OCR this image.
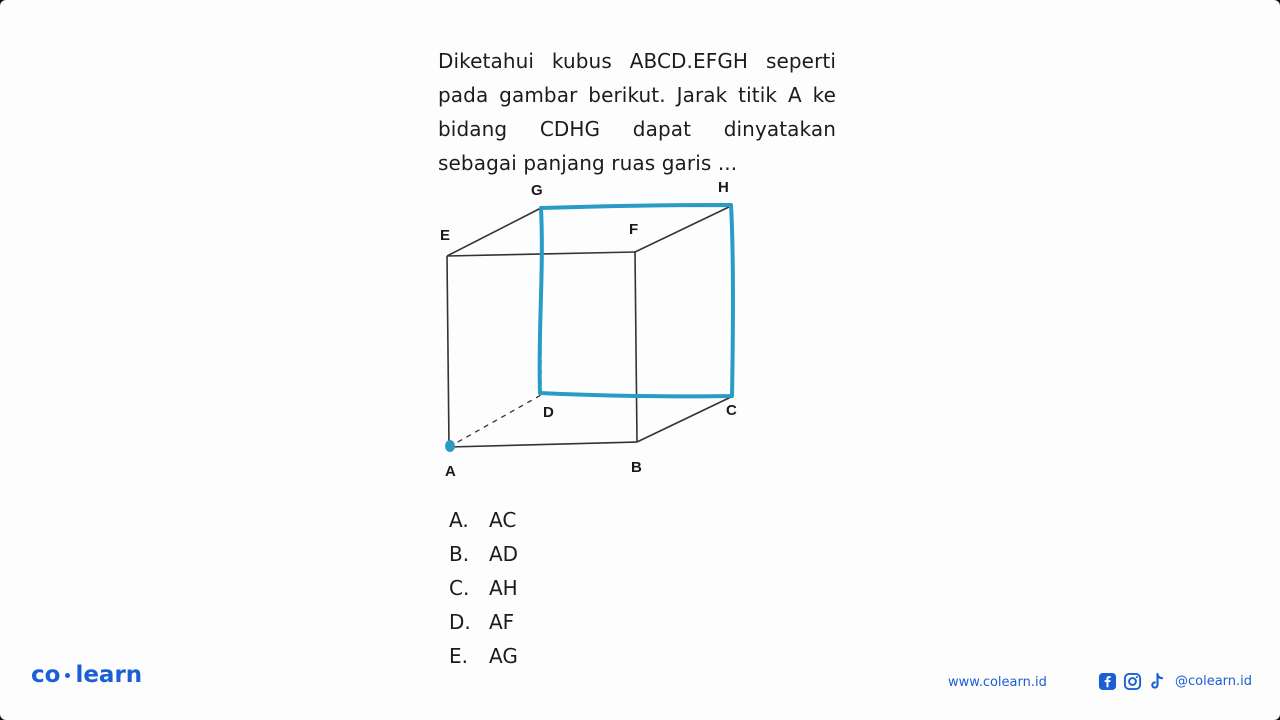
Diketahui kubus ABCD.EFGH seperti pada gambar berikut. Jarak titik A ke bidang CDHG dapat dinyatakan sebagai panjang ruas garis ...
G	H
E	F
D	C
A	B
A.	AC
B. AD
C. AH
D. AF
E.	AG
co learn	www.colearn.id	@colearn.id
